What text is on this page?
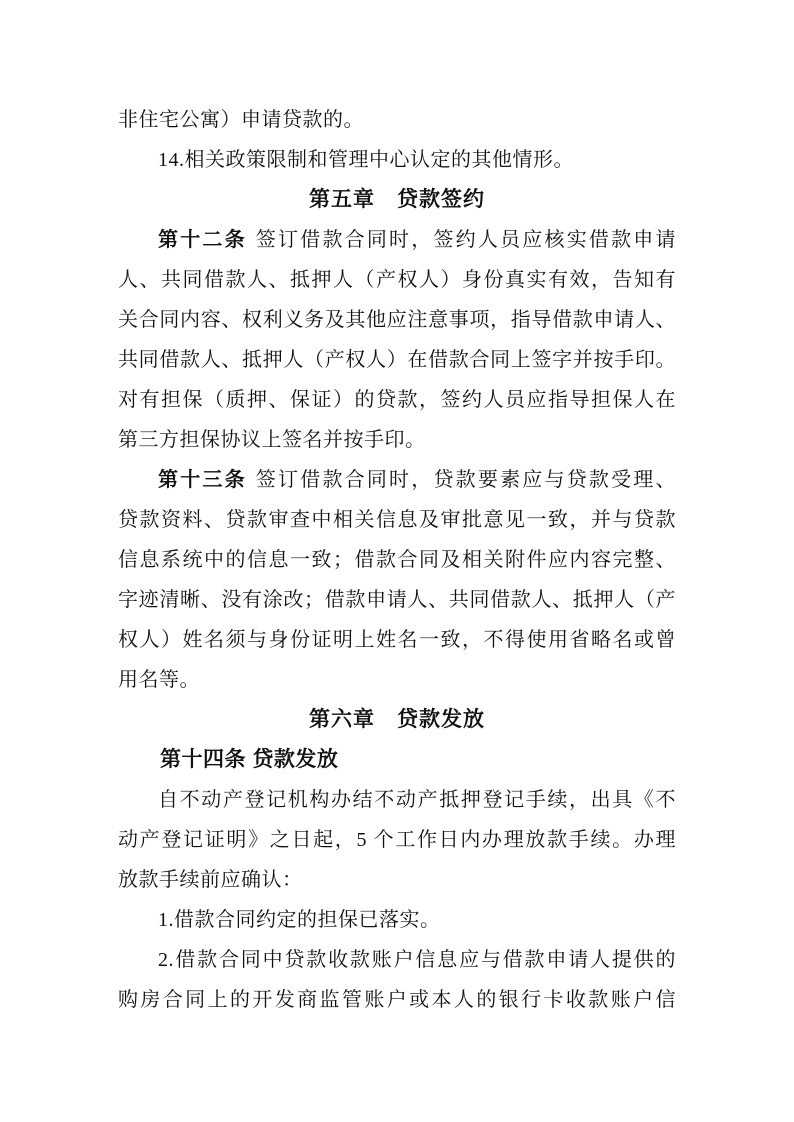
非住宅公寓）申请贷款的。
14.相关政策限制和管理中心认定的其他情形。
第五章　贷款签约
第十二条 签订借款合同时，签约人员应核实借款申请
人、共同借款人、抵押人（产权人）身份真实有效，告知有
关合同内容、权利义务及其他应注意事项，指导借款申请人、
共同借款人、抵押人（产权人）在借款合同上签字并按手印。
对有担保（质押、保证）的贷款，签约人员应指导担保人在
第三方担保协议上签名并按手印。
第十三条 签订借款合同时，贷款要素应与贷款受理、
贷款资料、贷款审查中相关信息及审批意见一致，并与贷款
信息系统中的信息一致；借款合同及相关附件应内容完整、
字迹清晰、没有涂改；借款申请人、共同借款人、抵押人（产
权人）姓名须与身份证明上姓名一致，不得使用省略名或曾
用名等。
第六章　贷款发放
第十四条 贷款发放
自不动产登记机构办结不动产抵押登记手续，出具《不
动产登记证明》之日起，5 个工作日内办理放款手续。办理
放款手续前应确认：
1.借款合同约定的担保已落实。
2.借款合同中贷款收款账户信息应与借款申请人提供的
购房合同上的开发商监管账户或本人的银行卡收款账户信
